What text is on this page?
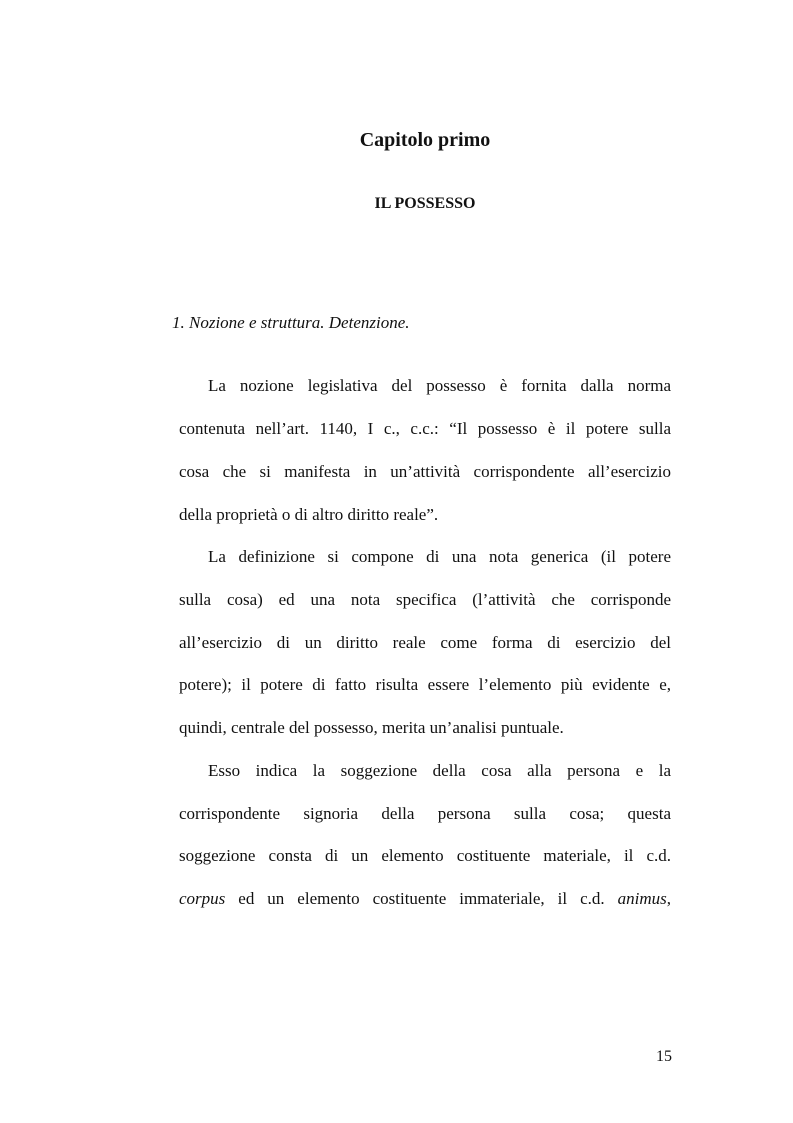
Capitolo primo
IL POSSESSO
1. Nozione e struttura. Detenzione.
La nozione legislativa del possesso è fornita dalla norma
contenuta nell’art. 1140, I c., c.c.: “Il possesso è il potere sulla
cosa che si manifesta in un’attività corrispondente all’esercizio
della proprietà o di altro diritto reale”.
La definizione si compone di una nota generica (il potere
sulla cosa) ed una nota specifica (l’attività che corrisponde
all’esercizio di un diritto reale come forma di esercizio del
potere); il potere di fatto risulta essere l’elemento più evidente e,
quindi, centrale del possesso, merita un’analisi puntuale.
Esso indica la soggezione della cosa alla persona e la
corrispondente signoria della persona sulla cosa; questa
soggezione consta di un elemento costituente materiale, il c.d.
corpus ed un elemento costituente immateriale, il c.d. animus,
15
